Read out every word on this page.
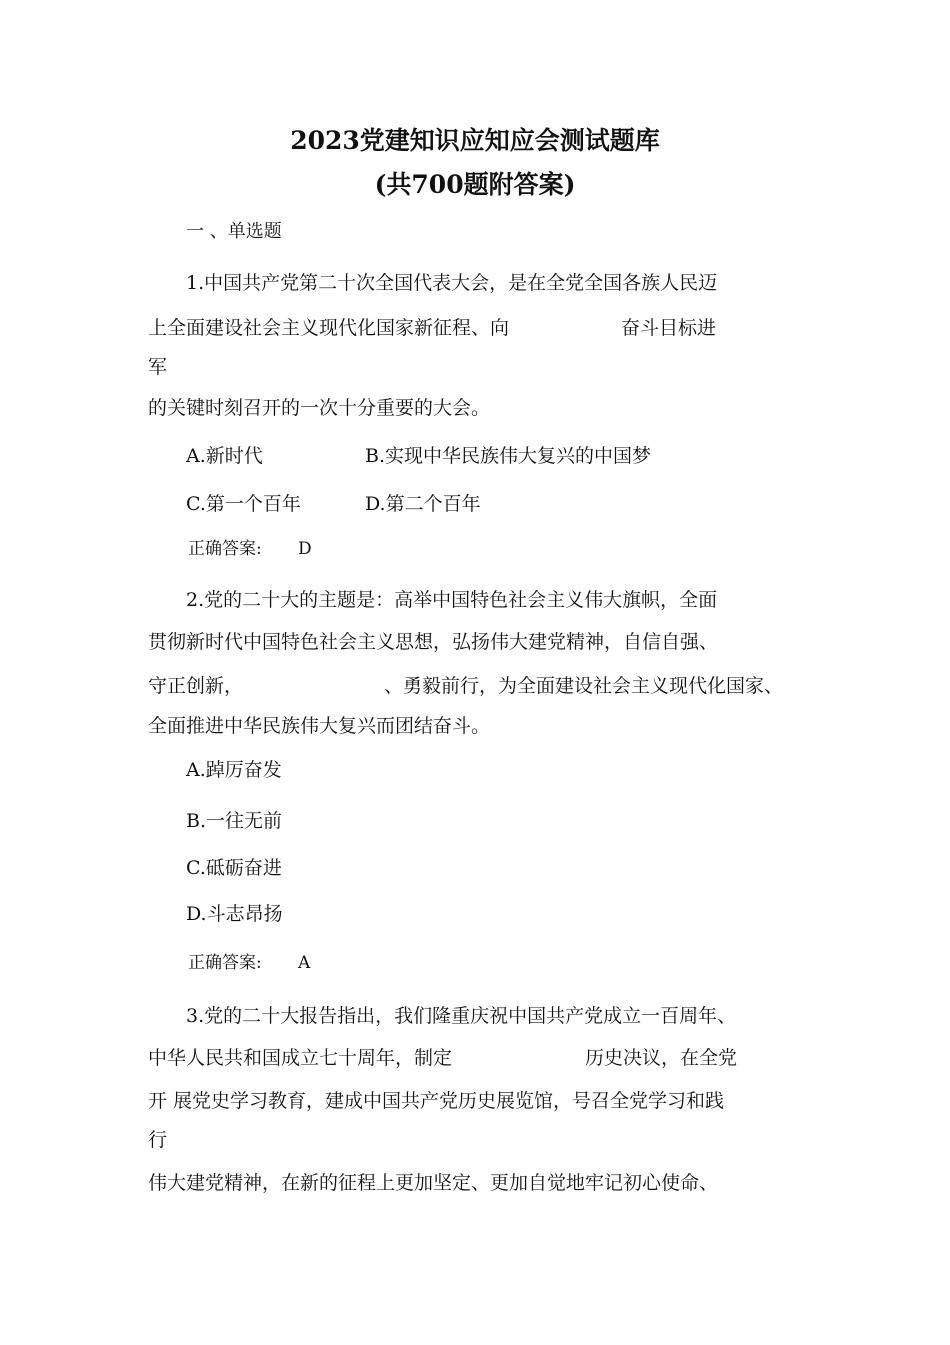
2023党建知识应知应会测试题库
(共700题附答案)
一 、单选题
1.中国共产党第二十次全国代表大会，是在全党全国各族人民迈
上全面建设社会主义现代化国家新征程、向	奋斗目标进
军
的关键时刻召开的一次十分重要的大会。
A.新时代	B.实现中华民族伟大复兴的中国梦
C.第一个百年	D.第二个百年
正确答案: D
2.党的二十大的主题是：高举中国特色社会主义伟大旗帜，全面
贯彻新时代中国特色社会主义思想，弘扬伟大建党精神，自信自强、
守正创新，	、勇毅前行，为全面建设社会主义现代化国家、
全面推进中华民族伟大复兴而团结奋斗。
A.踔厉奋发
B.一往无前
C.砥砺奋进
D.斗志昂扬
正确答案: A
3.党的二十大报告指出，我们隆重庆祝中国共产党成立一百周年、
中华人民共和国成立七十周年，制定	历史决议，在全党
开 展党史学习教育，建成中国共产党历史展览馆，号召全党学习和践
行
伟大建党精神，在新的征程上更加坚定、更加自觉地牢记初心使命、
